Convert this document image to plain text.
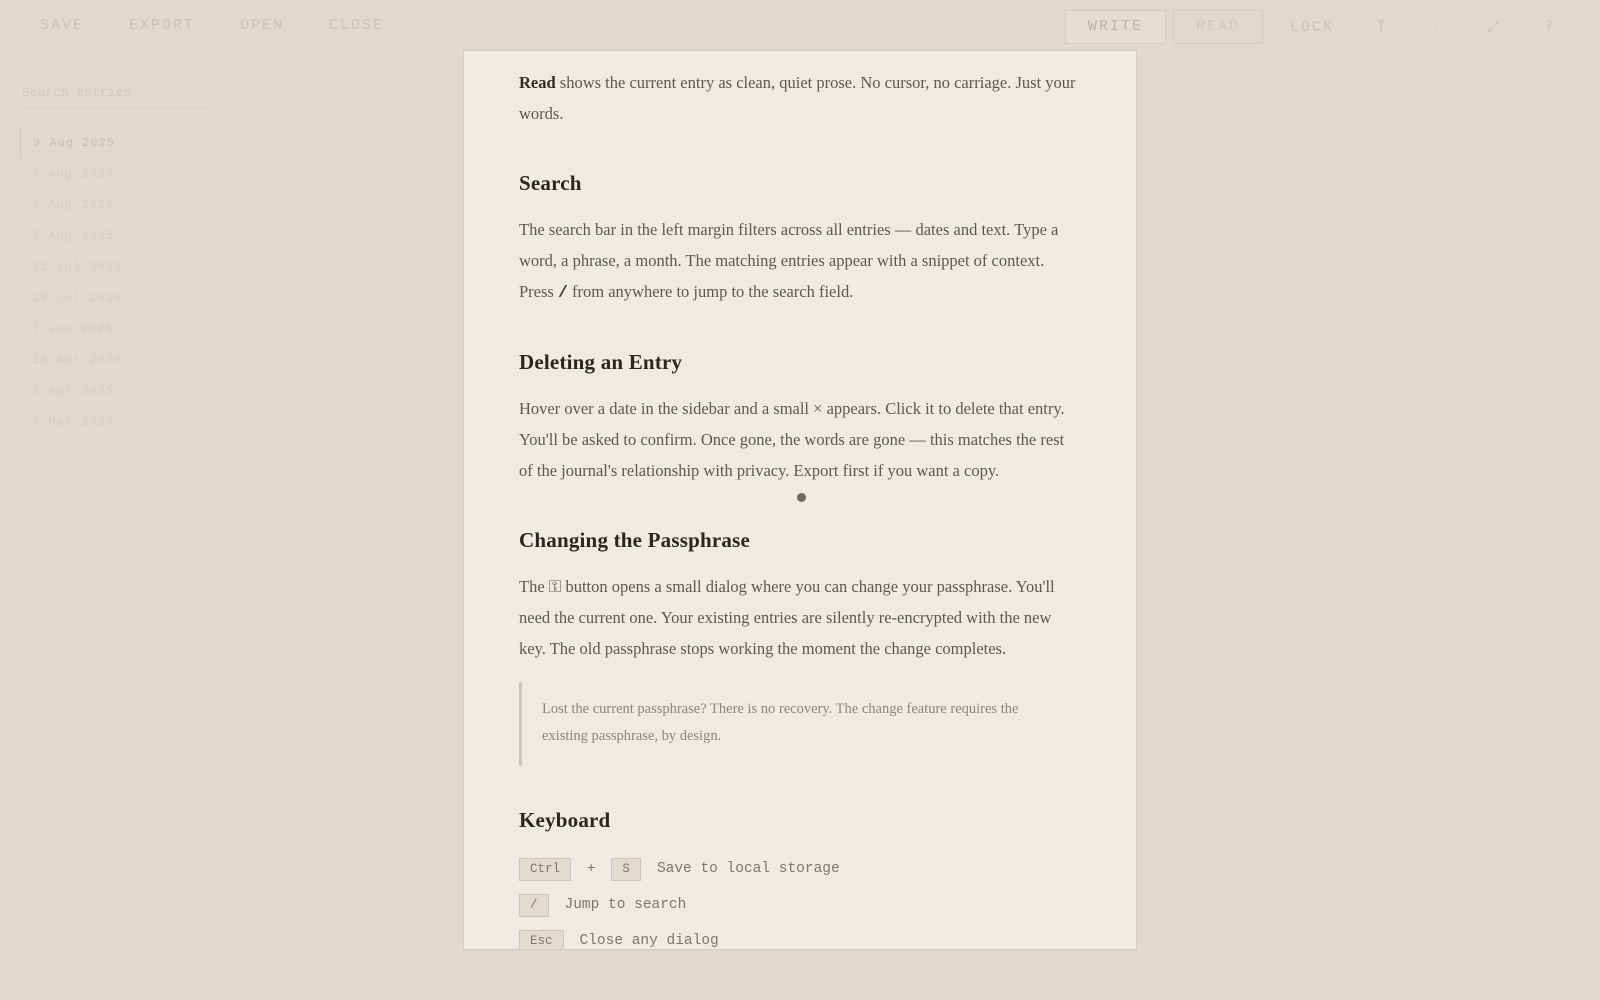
SAVE	EXPORT	OPEN	CLOSE	WRITE	READ	LOCK	T	·	⤢	?
Search entries
9 Aug 2025
8 Aug 2025
6 Aug 2025
5 Aug 2025
31 Jul 2025
29 Jul 2025
7 Jun 2025
18 Apr 2025
2 Apr 2025
3 Mar 2025

Read shows the current entry as clean, quiet prose. No cursor, no carriage. Just your words.

Search

The search bar in the left margin filters across all entries — dates and text. Type a word, a phrase, a month. The matching entries appear with a snippet of context. Press / from anywhere to jump to the search field.

Deleting an Entry

Hover over a date in the sidebar and a small × appears. Click it to delete that entry. You'll be asked to confirm. Once gone, the words are gone — this matches the rest of the journal's relationship with privacy. Export first if you want a copy.

Changing the Passphrase

The ⚿ button opens a small dialog where you can change your passphrase. You'll need the current one. Your existing entries are silently re-encrypted with the new key. The old passphrase stops working the moment the change completes.

Lost the current passphrase? There is no recovery. The change feature requires the existing passphrase, by design.
Keyboard
Ctrl	+	S	Save to local storage
/	Jump to search
Esc	Close any dialog
